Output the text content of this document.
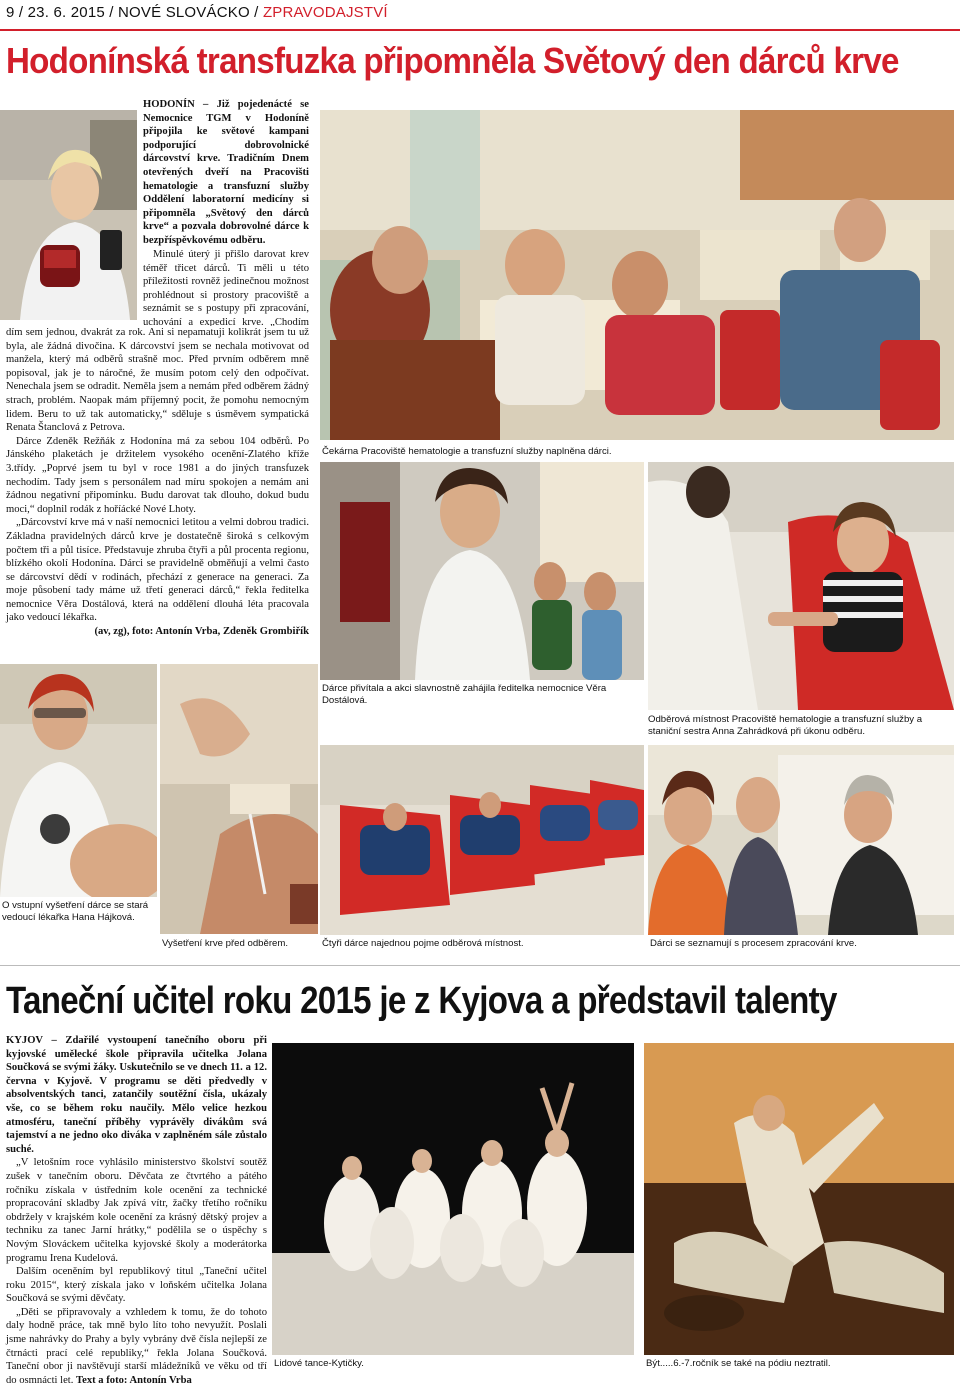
9 / 23. 6. 2015 / NOVÉ SLOVÁCKO / ZPRAVODAJSTVÍ
Hodonínská transfuzka připomněla Světový den dárců krve

HODONÍN – Již pojedenácté se Nemocnice TGM v Hodoníně připojila ke světové kampani podporující dobrovolnické dárcovství krve. Tradičním Dnem otevřených dveří na Pracovišti hematologie a transfuzní služby Oddělení laboratorní medicíny si připomněla „Světový den dárců krve“ a pozvala dobrovolné dárce k bezpříspěvkovému odběru.

Minulé úterý ji přišlo darovat krev téměř třicet dárců. Ti měli u této příležitosti rovněž jedinečnou možnost prohlédnout si prostory pracoviště a seznámit se s postupy při zpracování, uchování a expedicí krve. „Chodím

dím sem jednou, dvakrát za rok. Ani si nepamatuji kolikrát jsem tu už byla, ale žádná divočina. K dárcovství jsem se nechala motivovat od manžela, který má odběrů strašně moc. Před prvním odběrem mně popisoval, jak je to náročné, že musím potom celý den odpočívat. Nenechala jsem se odradit. Neměla jsem a nemám před odběrem žádný strach, problém. Naopak mám příjemný pocit, že pomohu nemocným lidem. Beru to už tak automaticky,“ sděluje s úsměvem sympatická Renata Štanclová z Petrova.

Dárce Zdeněk Režňák z Hodonína má za sebou 104 odběrů. Po Jánského plaketách je držitelem vysokého ocenění-Zlatého kříže 3.třídy. „Poprvé jsem tu byl v roce 1981 a do jiných transfuzek nechodím. Tady jsem s personálem nad míru spokojen a nemám ani žádnou negativní připomínku. Budu darovat tak dlouho, dokud budu moci,“ doplnil rodák z hoříácké Nové Lhoty.

„Dárcovství krve má v naší nemocnici letitou a velmi dobrou tradici. Základna pravidelných dárců krve je dostatečně široká s celkovým počtem tři a půl tisíce. Představuje zhruba čtyři a půl procenta regionu, blízkého okolí Hodonína. Dárci se pravidelně obměňují a velmi často se dárcovství dědí v rodinách, přechází z generace na generaci. Za moje působení tady máme už třetí generaci dárců,“ řekla ředitelka nemocnice Věra Dostálová, která na oddělení dlouhá léta pracovala jako vedoucí lékařka.

(av, zg), foto: Antonín Vrba, Zdeněk Grombiřík

Čekárna Pracoviště hematologie a transfuzní služby naplněna dárci.
Dárce přivítala a akci slavnostně zahájila ředitelka nemocnice Věra Dostálová.
Odběrová místnost Pracoviště hematologie a transfuzní služby a staniční sestra Anna Zahrádková při úkonu odběru.
O vstupní vyšetření dárce se stará vedoucí lékařka Hana Hájková.
Vyšetření krve před odběrem.	Čtyři dárce najednou pojme odběrová místnost.	Dárci se seznamují s procesem zpracování krve.
Taneční učitel roku 2015 je z Kyjova a představil talenty

KYJOV – Zdařilé vystoupení tanečního oboru při kyjovské umělecké škole připravila učitelka Jolana Součková se svými žáky. Uskutečnilo se ve dnech 11. a 12. června v Kyjově. V programu se děti předvedly v absolventských tanci, zatančily soutěžní čísla, ukázaly vše, co se během roku naučily. Mělo velice hezkou atmosféru, taneční příběhy vyprávěly divákům svá tajemství a ne jedno oko diváka v zaplněném sále zůstalo suché.

„V letošním roce vyhlásilo ministerstvo školství soutěž zušek v tanečním oboru. Děvčata ze čtvrtého a pátého ročníku získala v ústředním kole ocenění za technické propracování skladby Jak zpívá vítr, žačky třetího ročníku obdržely v krajském kole ocenění za krásný dětský projev a techniku za tanec Jarní hrátky,“ podělila se o úspěchy s Novým Slováckem učitelka kyjovské školy a moderátorka programu Irena Kudelová.

Dalším oceněním byl republikový titul „Taneční učitel roku 2015“, který získala jako v loňském učitelka Jolana Součková se svými děvčaty.

„Děti se připravovaly a vzhledem k tomu, že do tohoto daly hodně práce, tak mně bylo líto toho nevyužít. Poslali jsme nahrávky do Prahy a byly vybrány dvě čísla nejlepší ze čtrnácti prací celé republiky,“ řekla Jolana Součková. Taneční obor ji navštěvují starší mládežníků ve věku od tří do osmnácti let. Text a foto: Antonín Vrba

Lidové tance-Kytičky.	Být.....6.-7.ročník se také na pódiu neztratil.
